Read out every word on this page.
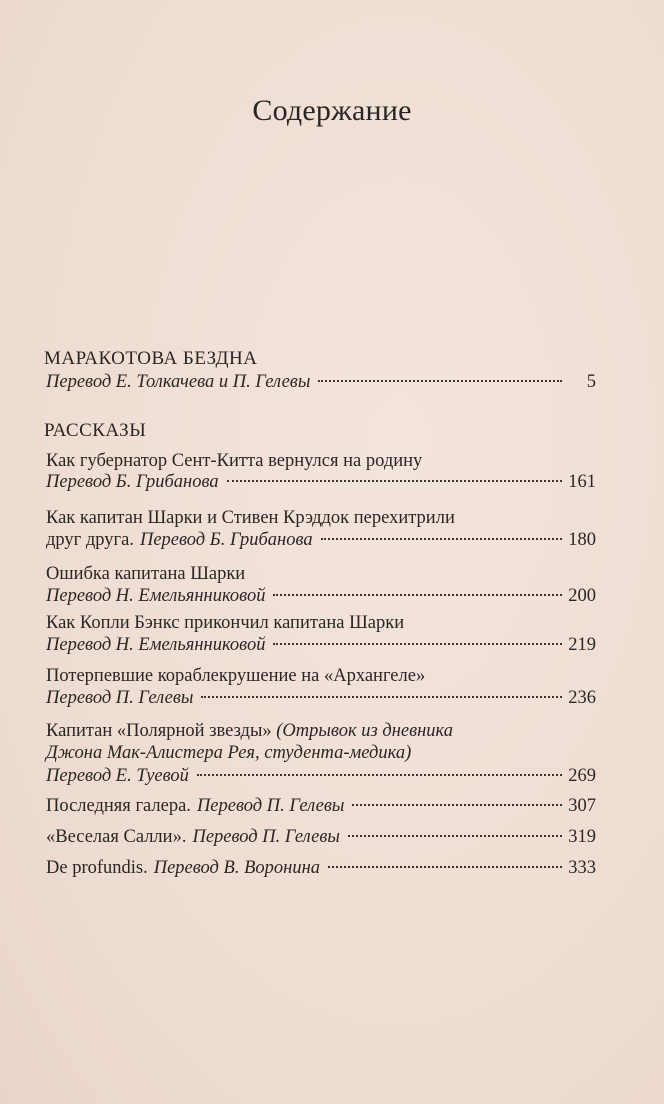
Содержание
МАРАКОТОВА БЕЗДНА
Перевод Е. Толкачева и П. Гелевы	5
РАССКАЗЫ
Как губернатор Сент-Китта вернулся на родину
Перевод Б. Грибанова	161
Как капитан Шарки и Стивен Крэддок перехитрили
друг друга. Перевод Б. Грибанова	180
Ошибка капитана Шарки
Перевод Н. Емельянниковой	200
Как Копли Бэнкс прикончил капитана Шарки
Перевод Н. Емельянниковой	219
Потерпевшие кораблекрушение на «Архангеле»
Перевод П. Гелевы	236
Капитан «Полярной звезды» (Отрывок из дневника
Джона Мак-Алистера Рея, студента-медика)
Перевод Е. Туевой	269
Последняя галера. Перевод П. Гелевы	307
«Веселая Салли». Перевод П. Гелевы	319
De profundis. Перевод В. Воронина	333
